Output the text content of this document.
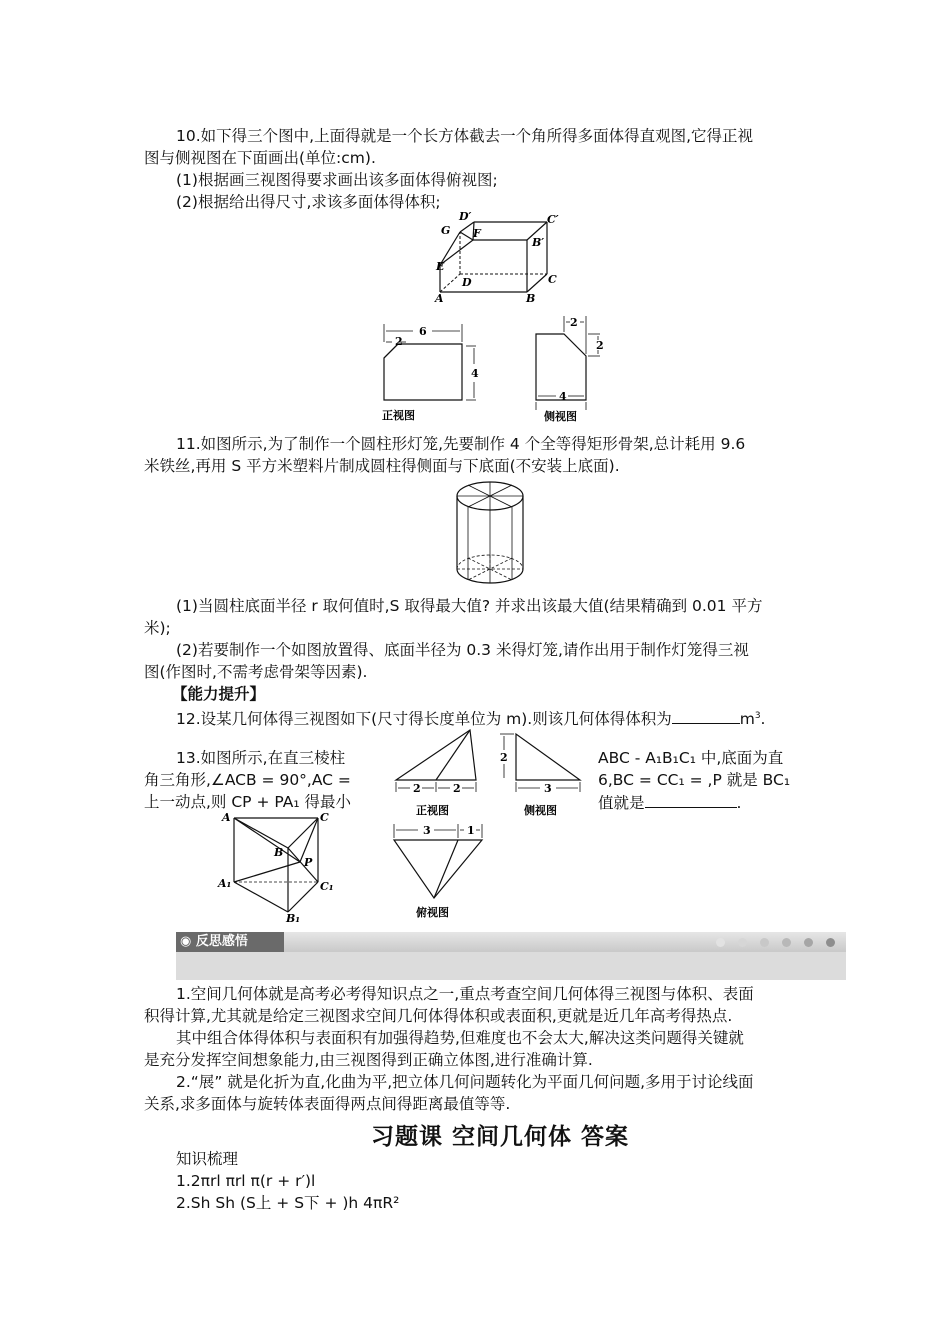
10.如下得三个图中,上面得就是一个长方体截去一个角所得多面体得直观图,它得正视
图与侧视图在下面画出(单位:cm).
(1)根据画三视图得要求画出该多面体得俯视图;
(2)根据给出得尺寸,求该多面体得体积;
D′	C′
G F
B′
E
C
D
A	B
6
2
4
正视图
2
2
4
侧视图
11.如图所示,为了制作一个圆柱形灯笼,先要制作 4 个全等得矩形骨架,总计耗用 9.6
米铁丝,再用 S 平方米塑料片制成圆柱得侧面与下底面(不安装上底面).
(1)当圆柱底面半径 r 取何值时,S 取得最大值? 并求出该最大值(结果精确到 0.01 平方
米);
(2)若要制作一个如图放置得、底面半径为 0.3 米得灯笼,请作出用于制作灯笼得三视
图(作图时,不需考虑骨架等因素).
【能力提升】
12.设某几何体得三视图如下(尺寸得长度单位为 m).则该几何体得体积为	$m^3$.
13.如图所示,在直三棱柱
角三角形,∠ACB = 90°,AC =
上一动点,则 CP + PA₁ 得最小
ABC - A₁B₁C₁ 中,底面为直
6,BC = CC₁ = ,P 就是 BC₁
值就是	.
2	2
正视图
2
3
侧视图
A	C
B
P
A₁	C₁
B₁
3	1
俯视图
◉ 反思感悟
1.空间几何体就是高考必考得知识点之一,重点考查空间几何体得三视图与体积、表面
积得计算,尤其就是给定三视图求空间几何体得体积或表面积,更就是近几年高考得热点.
其中组合体得体积与表面积有加强得趋势,但难度也不会太大,解决这类问题得关键就
是充分发挥空间想象能力,由三视图得到正确立体图,进行准确计算.
2.“展” 就是化折为直,化曲为平,把立体几何问题转化为平面几何问题,多用于讨论线面
关系,求多面体与旋转体表面得两点间得距离最值等等.
习题课 空间几何体 答案
知识梳理
1.2πrl πrl π(r + r′)l
2.Sh Sh (S上 + S下 + )h 4πR²
